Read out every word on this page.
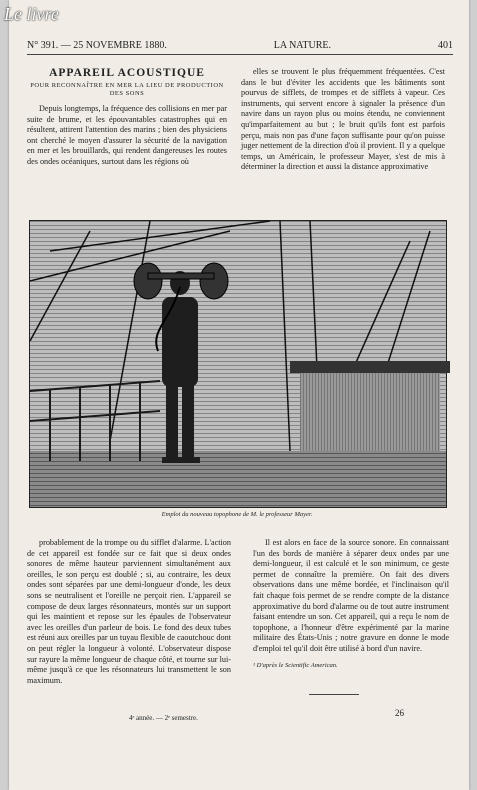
N° 391. — 25 NOVEMBRE 1880.	LA NATURE.	401
APPAREIL ACOUSTIQUE
POUR RECONNAÎTRE EN MER LA LIEU DE PRODUCTION DES SONS

Depuis longtemps, la fréquence des collisions en mer par suite de brume, et les épouvantables catastrophes qui en résultent, attirent l'attention des marins ; bien des physiciens ont cherché le moyen d'assurer la sécurité de la navigation en mer et les brouillards, qui rendent dangereuses les routes des ondes océaniques, surtout dans les régions où

elles se trouvent le plus fréquemment fréquentées. C'est dans le but d'éviter les accidents que les bâtiments sont pourvus de sifflets, de trompes et de sifflets à vapeur. Ces instruments, qui servent encore à signaler la présence d'un navire dans un rayon plus ou moins étendu, ne conviennent qu'imparfaitement au but ; le bruit qu'ils font est parfois perçu, mais non pas d'une façon suffisante pour qu'on puisse juger nettement de la direction d'où il provient. Il y a quelque temps, un Américain, le professeur Mayer, s'est de mis à déterminer la direction et aussi la distance approximative

Emploi du nouveau topophone de M. le professeur Mayer.

probablement de la trompe ou du sifflet d'alarme. L'action de cet appareil est fondée sur ce fait que si deux ondes sonores de même hauteur parviennent simultanément aux oreilles, le son perçu est doublé ; si, au contraire, les deux ondes sont séparées par une demi-longueur d'onde, les deux sons se neutralisent et l'oreille ne perçoit rien. L'appareil se compose de deux larges résonnateurs, montés sur un support qui les maintient et repose sur les épaules de l'observateur avec les oreilles d'un parleur de bois. Le fond des deux tubes est réuni aux oreilles par un tuyau flexible de caoutchouc dont on peut régler la longueur à volonté. L'observateur dispose sur rayure la même longueur de chaque côté, et tourne sur lui-même jusqu'à ce que les résonnateurs lui transmettent le son maximum.

Il est alors en face de la source sonore. En connaissant l'un des bords de manière à séparer deux ondes par une demi-longueur, il est calculé et le son minimum, ce geste permet de connaître la première. On fait des divers observations dans une même bordée, et l'inclinaison qu'il fait chaque fois permet de se rendre compte de la distance approximative du bord d'alarme ou de tout autre instrument faisant entendre un son. Cet appareil, qui a reçu le nom de topophone, a l'honneur d'être expérimenté par la marine militaire des États-Unis ; notre gravure en donne le mode d'emploi tel qu'il doit être utilisé à bord d'un navire.

¹ D'après le Scientific American.
4ᵉ année. — 2ᵉ semestre.	26
Le livre
